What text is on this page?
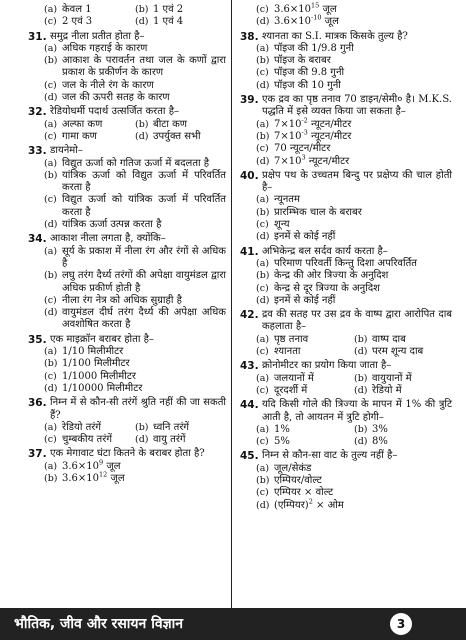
(a) केवल 1	(b) 1 एवं 2
(c) 2 एवं 3	(d) 1 एवं 4
31. समुद्र नीला प्रतीत होता है–
(a) अधिक गहराई के कारण
(b) आकाश के परावर्तन तथा जल के कणों द्वारा प्रकाश के प्रकीर्णन के कारण
(c) जल के नीले रंग के कारण
(d) जल की ऊपरी सतह के कारण
32. रेडियोधर्मी पदार्थ उत्सर्जित करता है–
(a) अल्फा कण	(b) बीटा कण
(c) गामा कण	(d) उपर्युक्त सभी
33. डायनेमो–
(a) विद्युत ऊर्जा को गतिज ऊर्जा में बदलता है
(b) यांत्रिक ऊर्जा को विद्युत ऊर्जा में परिवर्तित करता है
(c) विद्युत ऊर्जा को यांत्रिक ऊर्जा में परिवर्तित करता है
(d) यांत्रिक ऊर्जा उत्पन्न करता है
34. आकाश नीला लगता है, क्योंकि–
(a) सूर्य के प्रकाश में नीला रंग और रंगों से अधिक है
(b) लघु तरंग दैर्ध्य तरंगों की अपेक्षा वायुमंडल द्वारा अधिक प्रकीर्ण होती है
(c) नीला रंग नेत्र को अधिक सुग्राही है
(d) वायुमंडल दीर्घ तरंग दैर्ध्य की अपेक्षा अधिक अवशोषित करता है
35. एक माइक्रॉन बराबर होता है–
(a) 1/10 मिलीमीटर
(b) 1/100 मिलीमीटर
(c) 1/1000 मिलीमीटर
(d) 1/10000 मिलीमीटर
36. निम्न में से कौन-सी तरंगें श्रुति नहीं की जा सकती हैं?
(a) रेडियो तरंगें	(b) ध्वनि तरंगें
(c) चुम्बकीय तरंगें (d) वायु तरंगें
37. एक मेगावाट घंटा कितने के बराबर होता है?
(a) $3.6\times 10^9$ जूल
(b) $3.6\times 10^{12}$ जूल
(c) $3.6\times 10^{15}$ जूल
(d) $3.6\times 10^{-10}$ जूल
38. श्यानता का S.I. मात्रक किसके तुल्य है?
(a) पॉइज की 1/9.8 गुनी
(b) पॉइज के बराबर
(c) पॉइज की 9.8 गुनी
(d) पॉइज की 10 गुनी
39. एक द्रव का पृष्ठ तनाव 70 डाइन/सेमी० है। M.K.S. पद्धति में इसे व्यक्त किया जा सकता है–
(a) $7\times 10^{-2}$ न्यूटन/मीटर
(b) $7\times 10^{-3}$ न्यूटन/मीटर
(c) 70 न्यूटन/मीटर
(d) $7\times 10^3$ न्यूटन/मीटर
40. प्रक्षेप पथ के उच्चतम बिन्दु पर प्रक्षेप्य की चाल होती है–
(a) न्यूनतम
(b) प्रारम्भिक चाल के बराबर
(c) शून्य
(d) इनमें से कोई नहीं
41. अभिकेन्द्र बल सर्दव कार्य करता है–
(a) परिमाण परिवर्ती किन्तु दिशा अपरिवर्तित
(b) केन्द्र की ओर त्रिज्या के अनुदिश
(c) केन्द्र से दूर त्रिज्या के अनुदिश
(d) इनमें से कोई नहीं
42. द्रव की सतह पर उस द्रव के वाष्प द्वारा आरोपित दाब कहलाता है–
(a) पृष्ठ तनाव	(b) वाष्प दाब
(c) श्यानता	(d) परम शून्य दाब
43. क्रोनोमीटर का प्रयोग किया जाता है–
(a) जलयानों में	(b) वायुयानों में
(c) दूरदर्शी में	(d) रेडियो में
44. यदि किसी गोले की त्रिज्या के मापन में 1% की त्रुटि आती है, तो आयतन में त्रुटि होगी–
(a) 1%	(b) 3%
(c) 5%	(d) 8%
45. निम्न से कौन-सा वाट के तुल्य नहीं है–
(a) जूल/सेकंड
(b) एम्पियर/वोल्ट
(c) एम्पियर × वोल्ट
(d) (एम्पियर)$^2$ × ओम
भौतिक, जीव और रसायन विज्ञान	3
